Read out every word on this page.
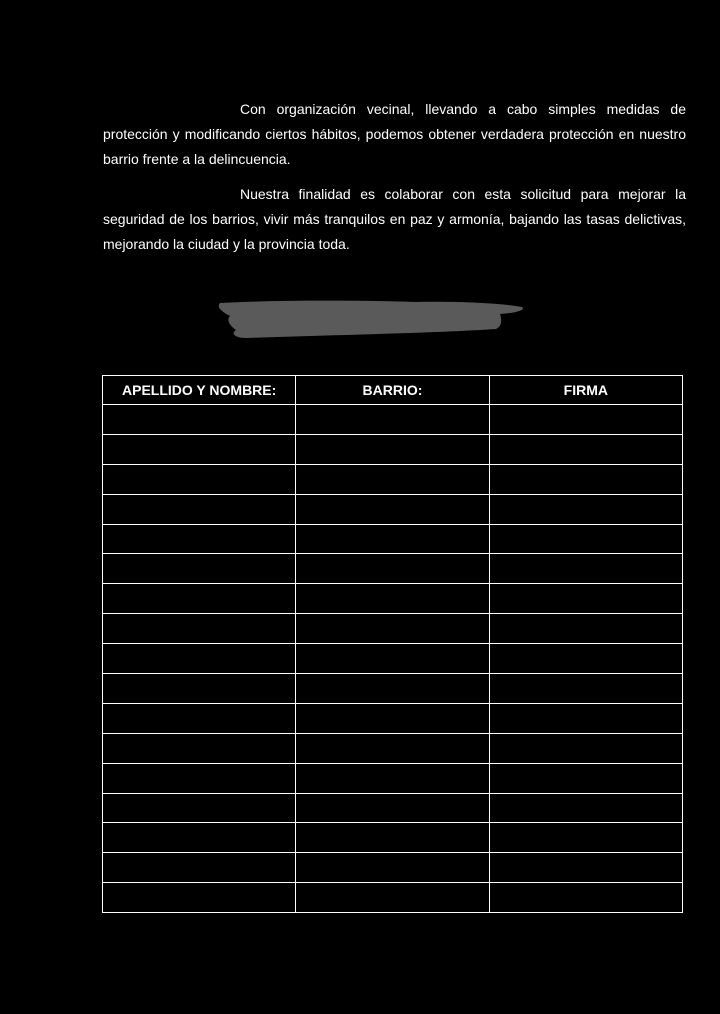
Con organización vecinal, llevando a cabo simples medidas de protección y modificando ciertos hábitos, podemos obtener verdadera protección en nuestro barrio frente a la delincuencia.

Nuestra finalidad es colaborar con esta solicitud para mejorar la seguridad de los barrios, vivir más tranquilos en paz y armonía, bajando las tasas delictivas, mejorando la ciudad y la provincia toda.

APELLIDO Y NOMBRE:	BARRIO:	FIRMA
